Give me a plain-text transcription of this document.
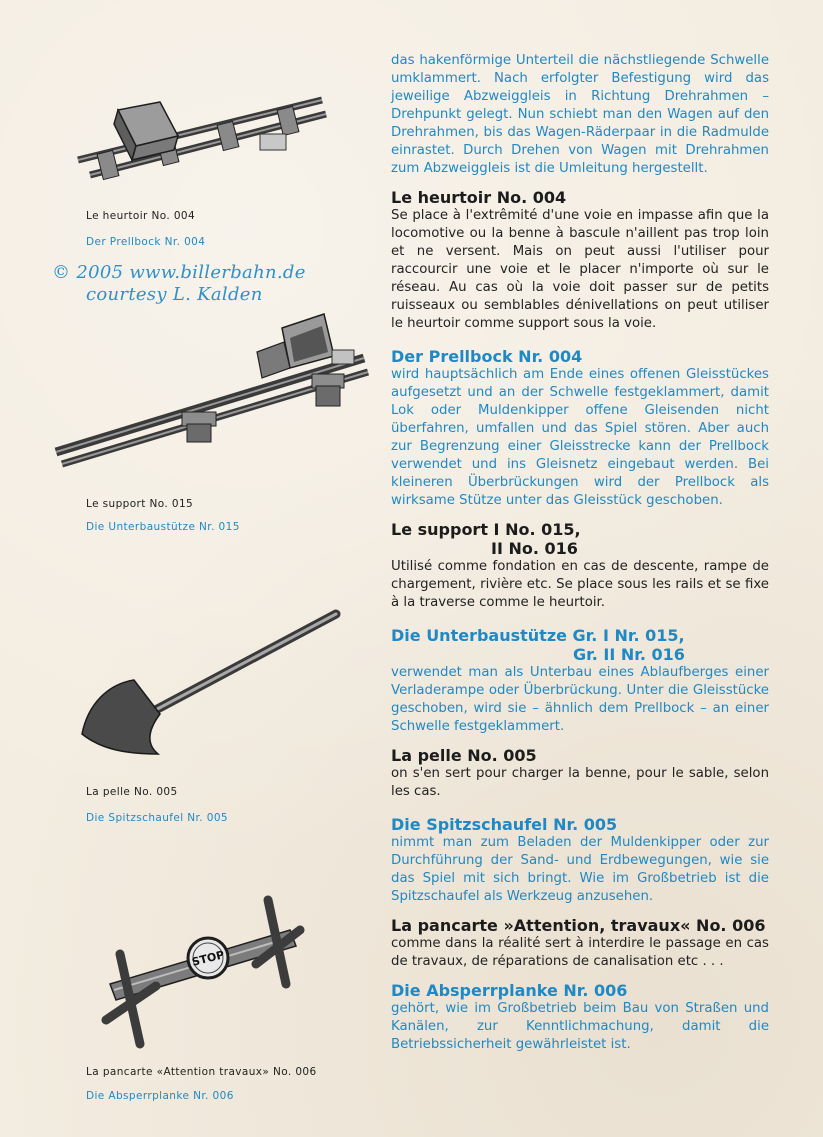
Le heurtoir No. 004
Der Prellbock Nr. 004
© 2005 www.billerbahn.de
courtesy L. Kalden
Le support No. 015
Die Unterbaustütze Nr. 015
La pelle No. 005
Die Spitzschaufel Nr. 005
STOP
La pancarte «Attention travaux» No. 006
Die Absperrplanke Nr. 006

das hakenförmige Unterteil die nächstliegende Schwelle umklammert. Nach erfolgter Befestigung wird das jeweilige Abzweiggleis in Richtung Drehrahmen – Drehpunkt gelegt. Nun schiebt man den Wagen auf den Drehrahmen, bis das Wagen-Räderpaar in die Radmulde einrastet. Durch Drehen von Wagen mit Drehrahmen zum Abzweiggleis ist die Umleitung hergestellt.

Le heurtoir No. 004

Se place à l'extrêmité d'une voie en impasse afin que la locomotive ou la benne à bascule n'aillent pas trop loin et ne versent. Mais on peut aussi l'utiliser pour raccourcir une voie et le placer n'importe où sur le réseau. Au cas où la voie doit passer sur de petits ruisseaux ou semblables dénivellations on peut utiliser le heurtoir comme support sous la voie.

Der Prellbock Nr. 004

wird hauptsächlich am Ende eines offenen Gleisstückes aufgesetzt und an der Schwelle festgeklammert, damit Lok oder Muldenkipper offene Gleisenden nicht überfahren, umfallen und das Spiel stören. Aber auch zur Begrenzung einer Gleisstrecke kann der Prellbock verwendet und ins Gleisnetz eingebaut werden. Bei kleineren Überbrückungen wird der Prellbock als wirksame Stütze unter das Gleisstück geschoben.

Le support I No. 015,
II No. 016

Utilisé comme fondation en cas de descente, rampe de chargement, rivière etc. Se place sous les rails et se fixe à la traverse comme le heurtoir.

Die Unterbaustütze Gr. I Nr. 015,
Gr. II Nr. 016

verwendet man als Unterbau eines Ablaufberges einer Verladerampe oder Überbrückung. Unter die Gleisstücke geschoben, wird sie – ähnlich dem Prellbock – an einer Schwelle festgeklammert.

La pelle No. 005

on s'en sert pour charger la benne, pour le sable, selon les cas.

Die Spitzschaufel Nr. 005

nimmt man zum Beladen der Muldenkipper oder zur Durchführung der Sand- und Erdbewegungen, wie sie das Spiel mit sich bringt. Wie im Großbetrieb ist die Spitzschaufel als Werkzeug anzusehen.

La pancarte »Attention, travaux« No. 006

comme dans la réalité sert à interdire le passage en cas de travaux, de réparations de canalisation etc . . .

Die Absperrplanke Nr. 006

gehört, wie im Großbetrieb beim Bau von Straßen und Kanälen, zur Kenntlichmachung, damit die Betriebssicherheit gewährleistet ist.
